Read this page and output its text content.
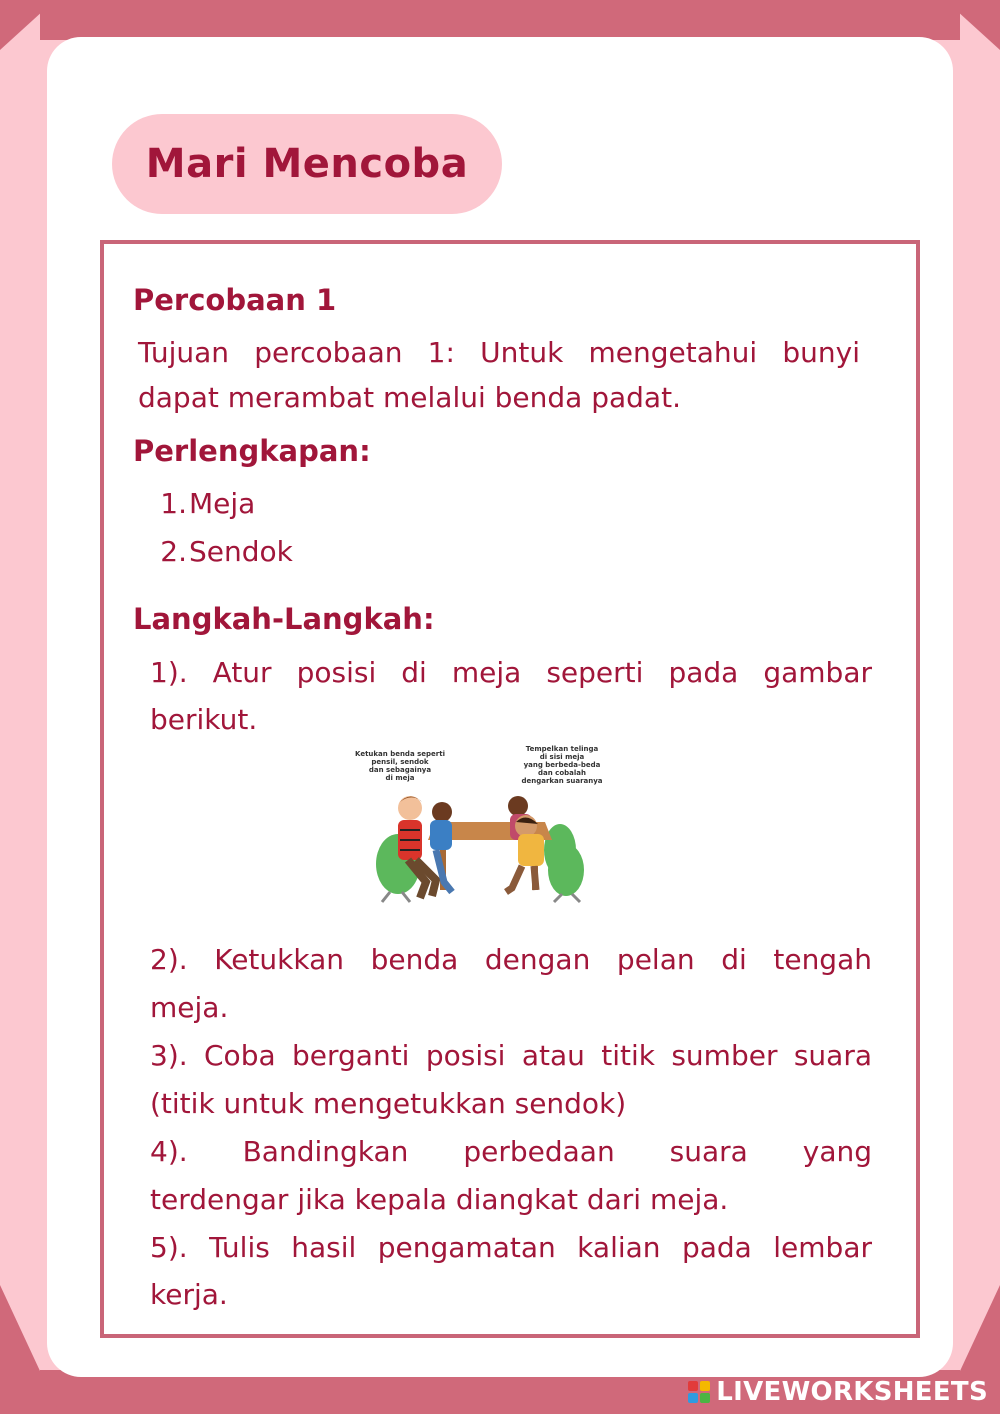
Mari Mencoba
Percobaan 1
Tujuan percobaan 1: Untuk mengetahui bunyi
dapat merambat melalui benda padat.
Perlengkapan:
1.Meja
2.Sendok
Langkah-Langkah:
1). Atur posisi di meja seperti pada gambar
berikut.
Ketukan benda seperti
pensil, sendok
dan sebagainya
di meja
Tempelkan telinga
di sisi meja
yang berbeda-beda
dan cobalah
dengarkan suaranya
2). Ketukkan benda dengan pelan di tengah
meja.
3). Coba berganti posisi atau titik sumber suara
(titik untuk mengetukkan sendok)
4). Bandingkan perbedaan suara yang
terdengar jika kepala diangkat dari meja.
5). Tulis hasil pengamatan kalian pada lembar
kerja.
LIVEWORKSHEETS
